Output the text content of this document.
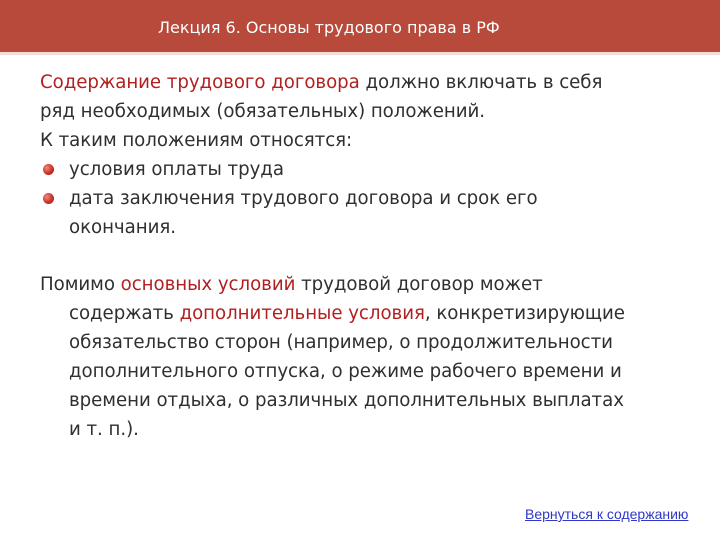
Лекция 6. Основы трудового права в РФ
Содержание трудового договора должно включать в себя
ряд необходимых (обязательных) положений.
К таким положениям относятся:
условия оплаты труда
дата заключения трудового договора и срок его
окончания.
Помимо основных условий трудовой договор может
содержать дополнительные условия, конкретизирующие
обязательство сторон (например, о продолжительности
дополнительного отпуска, о режиме рабочего времени и
времени отдыха, о различных дополнительных выплатах
и т. п.).
Вернуться к содержанию
